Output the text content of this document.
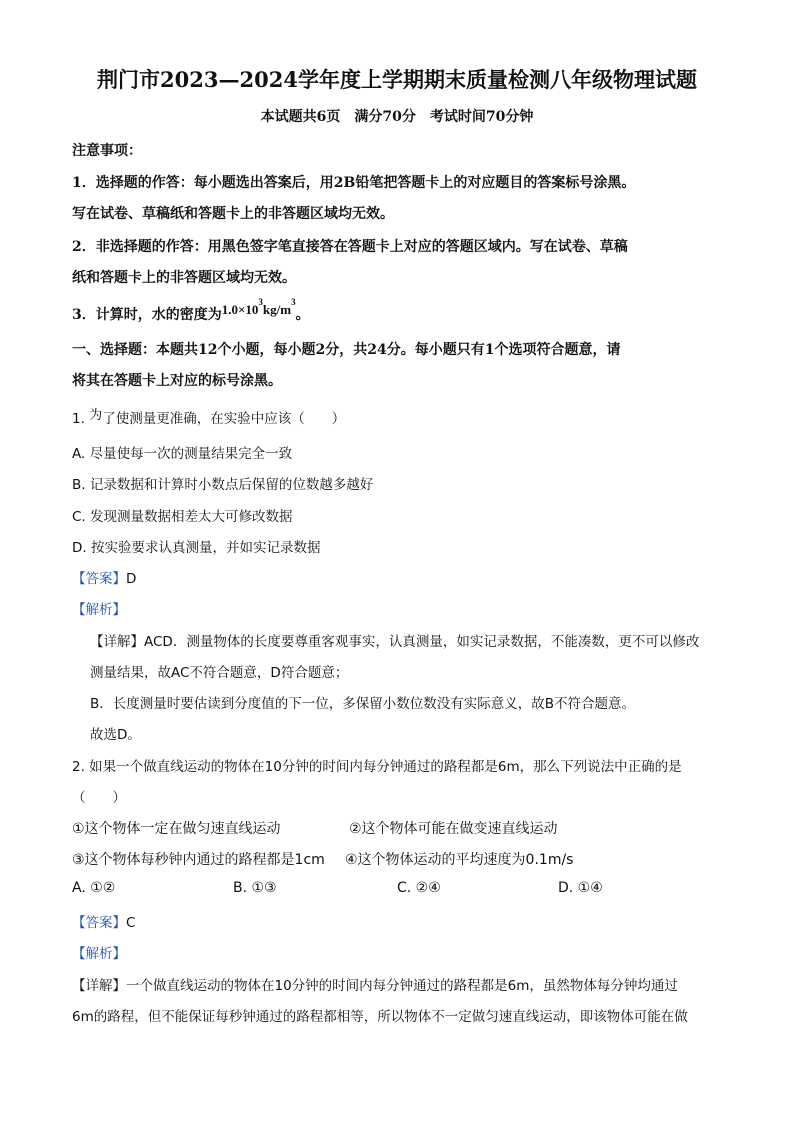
荆门市2023—2024学年度上学期期末质量检测八年级物理试题
本试题共6页　满分70分　考试时间70分钟
注意事项：
1．选择题的作答：每小题选出答案后，用2B铅笔把答题卡上的对应题目的答案标号涂黑。
写在试卷、草稿纸和答题卡上的非答题区域均无效。
2．非选择题的作答：用黑色签字笔直接答在答题卡上对应的答题区域内。写在试卷、草稿
纸和答题卡上的非答题区域均无效。
3．计算时，水的密度为$1.0\times 10^3kg/m^3$。
一、选择题：本题共12个小题，每小题2分，共24分。每小题只有1个选项符合题意，请
将其在答题卡上对应的标号涂黑。
1. 为了使测量更准确，在实验中应该（　　）
A. 尽量使每一次的测量结果完全一致
B. 记录数据和计算时小数点后保留的位数越多越好
C. 发现测量数据相差太大可修改数据
D. 按实验要求认真测量，并如实记录数据
【答案】D
【解析】
【详解】ACD．测量物体的长度要尊重客观事实，认真测量，如实记录数据，不能凑数，更不可以修改
测量结果，故AC不符合题意，D符合题意；
B．长度测量时要估读到分度值的下一位，多保留小数位数没有实际意义，故B不符合题意。
故选D。
2. 如果一个做直线运动的物体在10分钟的时间内每分钟通过的路程都是6m，那么下列说法中正确的是
（　　）
①这个物体一定在做匀速直线运动	②这个物体可能在做变速直线运动
③这个物体每秒钟内通过的路程都是1cm ④这个物体运动的平均速度为0.1m/s
A. ①②	B. ①③	C. ②④	D. ①④
【答案】C
【解析】
【详解】一个做直线运动的物体在10分钟的时间内每分钟通过的路程都是6m，虽然物体每分钟均通过
6m的路程，但不能保证每秒钟通过的路程都相等，所以物体不一定做匀速直线运动，即该物体可能在做
